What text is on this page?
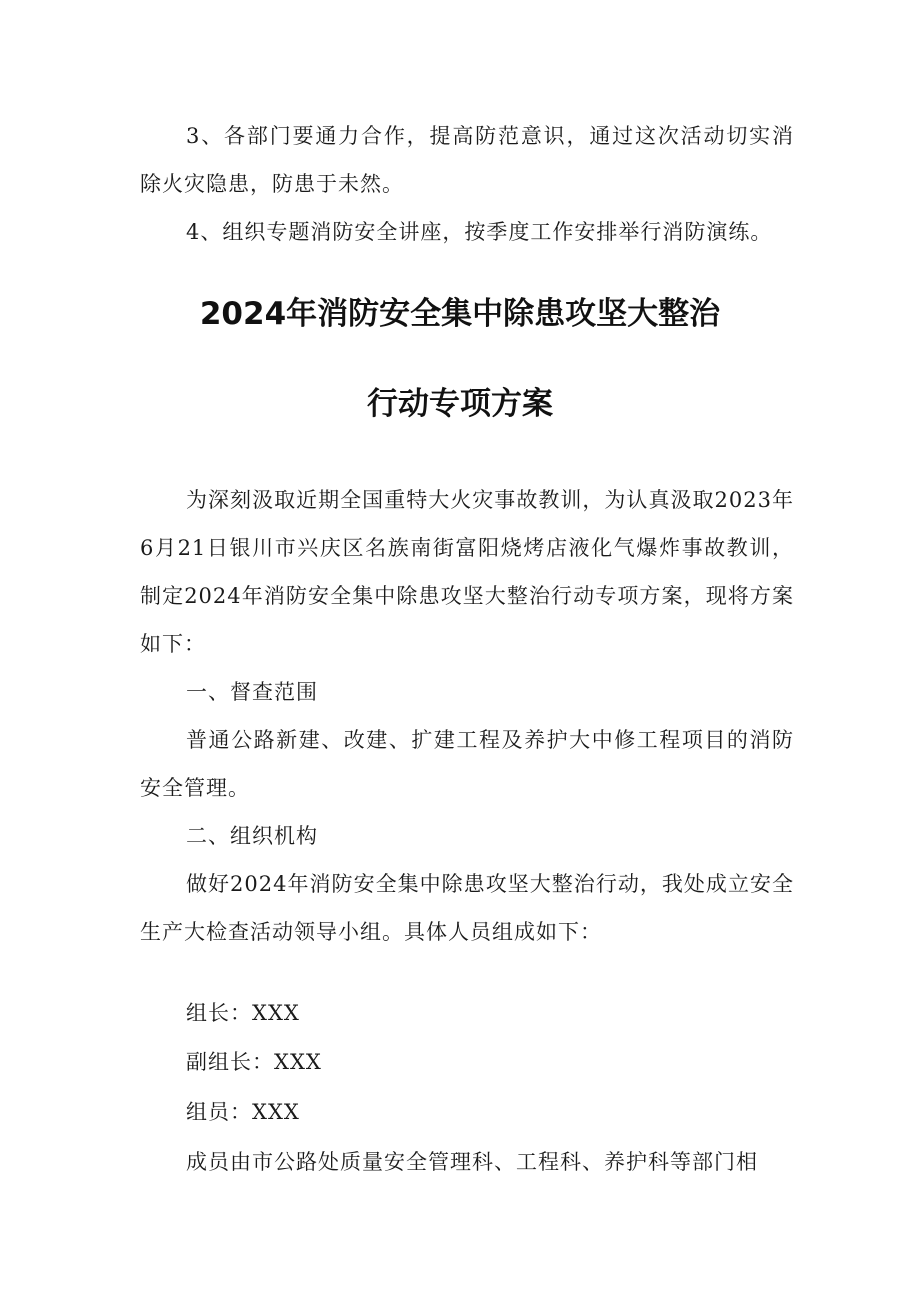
3、各部门要通力合作，提高防范意识，通过这次活动切实消除火灾隐患，防患于未然。

4、组织专题消防安全讲座，按季度工作安排举行消防演练。

2024年消防安全集中除患攻坚大整治
行动专项方案

为深刻汲取近期全国重特大火灾事故教训，为认真汲取2023年6月21日银川市兴庆区名族南街富阳烧烤店液化气爆炸事故教训，制定2024年消防安全集中除患攻坚大整治行动专项方案，现将方案如下：

一、督查范围

普通公路新建、改建、扩建工程及养护大中修工程项目的消防安全管理。

二、组织机构

做好2024年消防安全集中除患攻坚大整治行动，我处成立安全生产大检查活动领导小组。具体人员组成如下：

组长：XXX

副组长：XXX

组员：XXX

成员由市公路处质量安全管理科、工程科、养护科等部门相
